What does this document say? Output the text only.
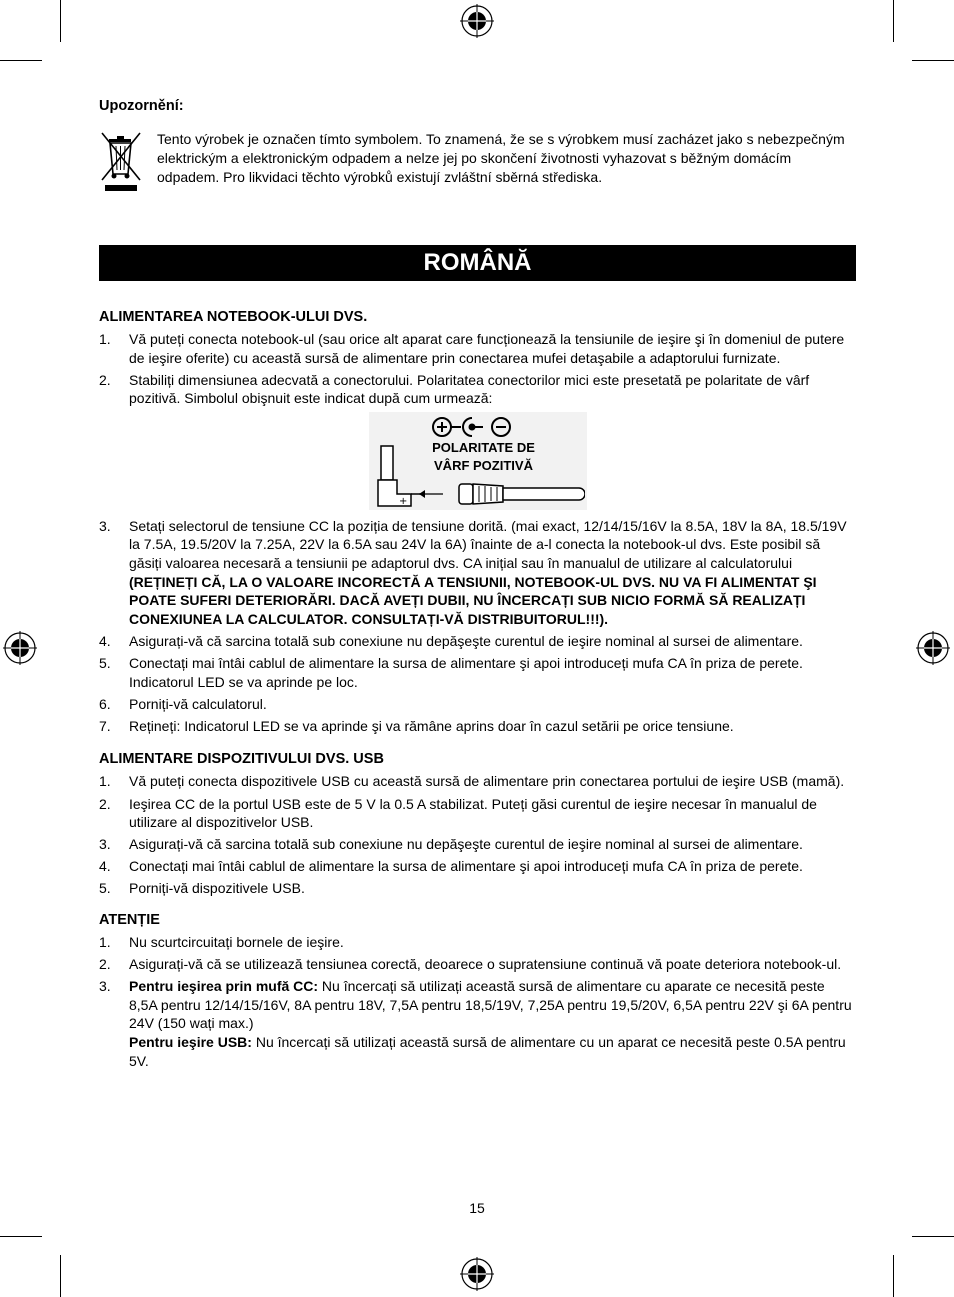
Upozornění:
Tento výrobek je označen tímto symbolem. To znamená, že se s výrobkem musí zacházet jako s nebezpečným elektrickým a elektronickým odpadem a nelze jej po skončení životnosti vyhazovat s běžným domácím odpadem. Pro likvidaci těchto výrobků existují zvláštní sběrná střediska.
ROMÂNĂ
ALIMENTAREA NOTEBOOK-ULUI DVS.
1.	Vă puteți conecta notebook-ul (sau orice alt aparat care funcționează la tensiunile de ieşire şi în domeniul de putere de ieşire oferite) cu această sursă de alimentare prin conectarea mufei detaşabile a adaptorului furnizate.
2.	Stabiliți dimensiunea adecvată a conectorului. Polaritatea conectorilor mici este presetată pe polaritate de vârf pozitivă. Simbolul obişnuit este indicat după cum urmează:
POLARITATE DE
VÂRF POZITIVĂ
+
3.	Setați selectorul de tensiune CC la poziția de tensiune dorită. (mai exact, 12/14/15/16V la 8.5A, 18V la 8A, 18.5/19V la 7.5A, 19.5/20V la 7.25A, 22V la 6.5A sau 24V la 6A) înainte de a-l conecta la notebook-ul dvs. Este posibil să găsiți valoarea necesară a tensiunii pe adaptorul dvs. CA inițial sau în manualul de utilizare al calculatorului (REȚINEȚI CĂ, LA O VALOARE INCORECTĂ A TENSIUNII, NOTEBOOK-UL DVS. NU VA FI ALIMENTAT ŞI POATE SUFERI DETERIORĂRI. DACĂ AVEȚI DUBII, NU ÎNCERCAȚI SUB NICIO FORMĂ SĂ REALIZAȚI CONEXIUNEA LA CALCULATOR. CONSULTAȚI-VĂ DISTRIBUITORUL!!!).
4.	Asigurați-vă că sarcina totală sub conexiune nu depăşeşte curentul de ieşire nominal al sursei de alimentare.
5.	Conectați mai întâi cablul de alimentare la sursa de alimentare şi apoi introduceți mufa CA în priza de perete. Indicatorul LED se va aprinde pe loc.
6.	Porniți-vă calculatorul.
7.	Rețineți: Indicatorul LED se va aprinde şi va rămâne aprins doar în cazul setării pe orice tensiune.
ALIMENTARE DISPOZITIVULUI DVS. USB
1.	Vă puteți conecta dispozitivele USB cu această sursă de alimentare prin conectarea portului de ieşire USB (mamă).
2.	Ieşirea CC de la portul USB este de 5 V la 0.5 A stabilizat. Puteți găsi curentul de ieşire necesar în manualul de utilizare al dispozitivelor USB.
3.	Asigurați-vă că sarcina totală sub conexiune nu depăşeşte curentul de ieşire nominal al sursei de alimentare.
4.	Conectați mai întâi cablul de alimentare la sursa de alimentare şi apoi introduceți mufa CA în priza de perete.
5.	Porniți-vă dispozitivele USB.
ATENȚIE
1.	Nu scurtcircuitați bornele de ieşire.
2.	Asigurați-vă că se utilizează tensiunea corectă, deoarece o supratensiune continuă vă poate deteriora notebook-ul.
3.	Pentru ieşirea prin mufă CC: Nu încercați să utilizați această sursă de alimentare cu aparate ce necesită peste 8,5A pentru 12/14/15/16V, 8A pentru 18V, 7,5A pentru 18,5/19V, 7,25A pentru 19,5/20V, 6,5A pentru 22V şi 6A pentru 24V (150 wați max.)
Pentru ieşire USB: Nu încercați să utilizați această sursă de alimentare cu un aparat ce necesită peste 0.5A pentru 5V.
15
